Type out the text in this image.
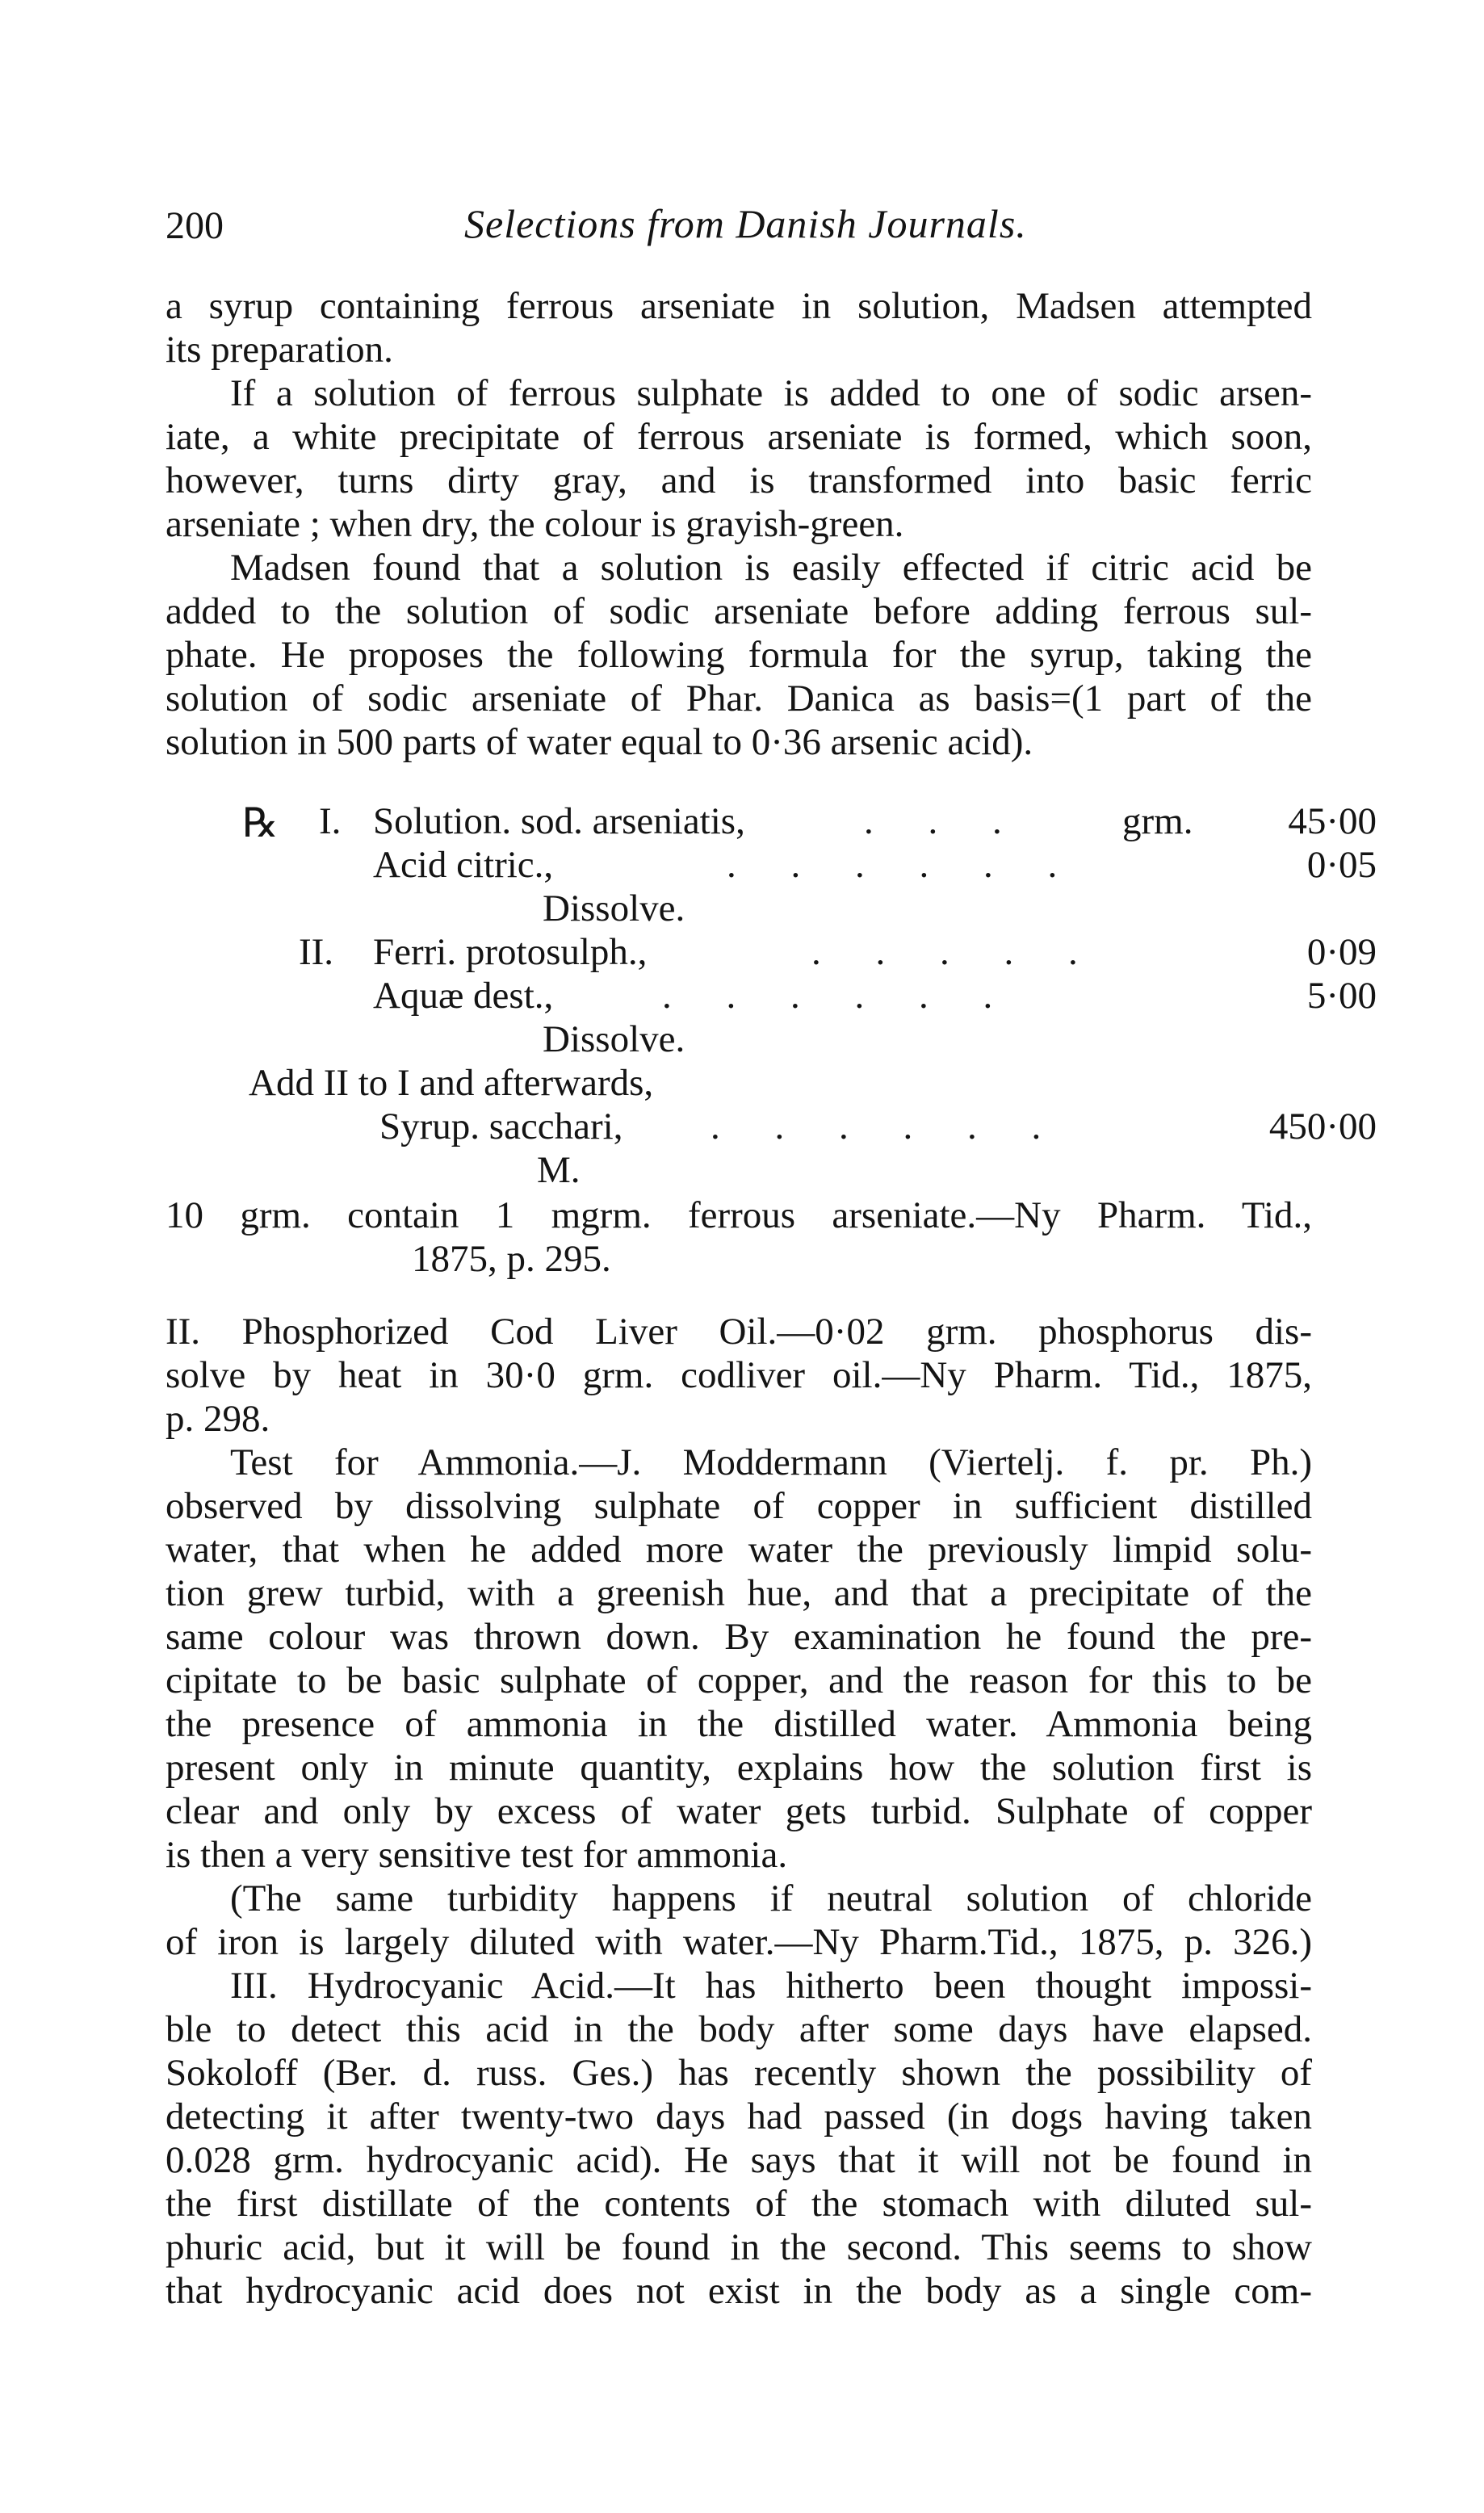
200	Selections from Danish Journals.
a syrup containing ferrous arseniate in solution, Madsen attempted
its preparation.
If a solution of ferrous sulphate is added to one of sodic arsen-
iate, a white precipitate of ferrous arseniate is formed, which soon,
however, turns dirty gray, and is transformed into basic ferric
arseniate ; when dry, the colour is grayish-green.
Madsen found that a solution is easily effected if citric acid be
added to the solution of sodic arseniate before adding ferrous sul-
phate. He proposes the following formula for the syrup, taking the
solution of sodic arseniate of Phar. Danica as basis=(1 part of the
solution in 500 parts of water equal to 0·36 arsenic acid).
℞ I. Solution. sod. arseniatis,	. . .	grm.	45·00
Acid citric.,	. . . . . .	0·05
Dissolve.
II. Ferri. protosulph.,	. . . . .	0·09
Aquæ dest.,	. . . . . .	5·00
Dissolve.
Add II to I and afterwards,
Syrup. sacchari, . . . . . .	450·00
M.
10 grm. contain 1 mgrm. ferrous arseniate.—Ny Pharm. Tid.,
1875, p. 295.
II. Phosphorized Cod Liver Oil.—0·02 grm. phosphorus dis-
solve by heat in 30·0 grm. codliver oil.—Ny Pharm. Tid., 1875,
p. 298.
Test for Ammonia.—J. Moddermann (Viertelj. f. pr. Ph.)
observed by dissolving sulphate of copper in sufficient distilled
water, that when he added more water the previously limpid solu-
tion grew turbid, with a greenish hue, and that a precipitate of the
same colour was thrown down. By examination he found the pre-
cipitate to be basic sulphate of copper, and the reason for this to be
the presence of ammonia in the distilled water. Ammonia being
present only in minute quantity, explains how the solution first is
clear and only by excess of water gets turbid. Sulphate of copper
is then a very sensitive test for ammonia.
(The same turbidity happens if neutral solution of chloride
of iron is largely diluted with water.—Ny Pharm.Tid., 1875, p. 326.)
III. Hydrocyanic Acid.—It has hitherto been thought impossi-
ble to detect this acid in the body after some days have elapsed.
Sokoloff (Ber. d. russ. Ges.) has recently shown the possibility of
detecting it after twenty-two days had passed (in dogs having taken
0.028 grm. hydrocyanic acid). He says that it will not be found in
the first distillate of the contents of the stomach with diluted sul-
phuric acid, but it will be found in the second. This seems to show
that hydrocyanic acid does not exist in the body as a single com-
